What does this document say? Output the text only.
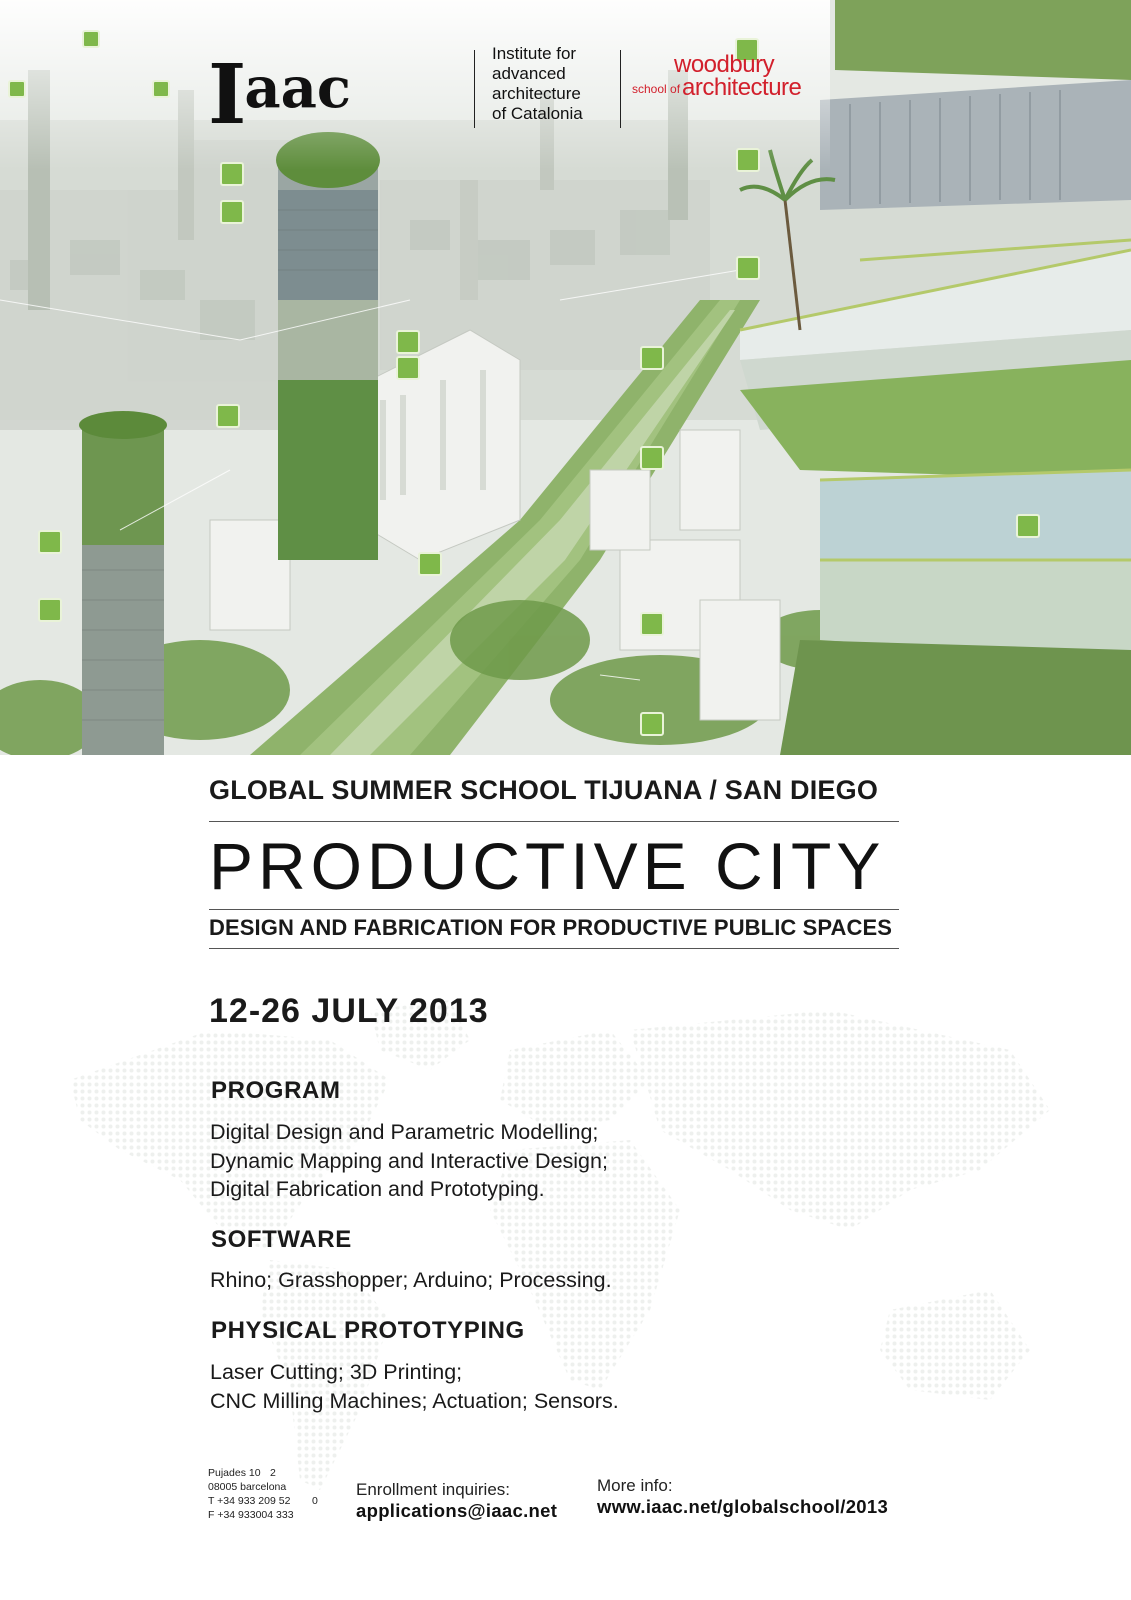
$I^{aac}$
Institute for
advanced
architecture
of Catalonia
woodbury
school of architecture
GLOBAL SUMMER SCHOOL TIJUANA / SAN DIEGO
PRODUCTIVE CITY
DESIGN AND FABRICATION FOR PRODUCTIVE PUBLIC SPACES
12-26 JULY 2013
PROGRAM
Digital Design and Parametric Modelling;
Dynamic Mapping and Interactive Design;
Digital Fabrication and Prototyping.
SOFTWARE
Rhino; Grasshopper; Arduino; Processing.
PHYSICAL PROTOTYPING
Laser Cutting; 3D Printing;
CNC Milling Machines; Actuation; Sensors.
Pujades 10
08005 barcelona
T +34 933 209 52
F +34 933004 333
2
0
Enrollment inquiries:
applications@iaac.net
More info:
www.iaac.net/globalschool/2013
